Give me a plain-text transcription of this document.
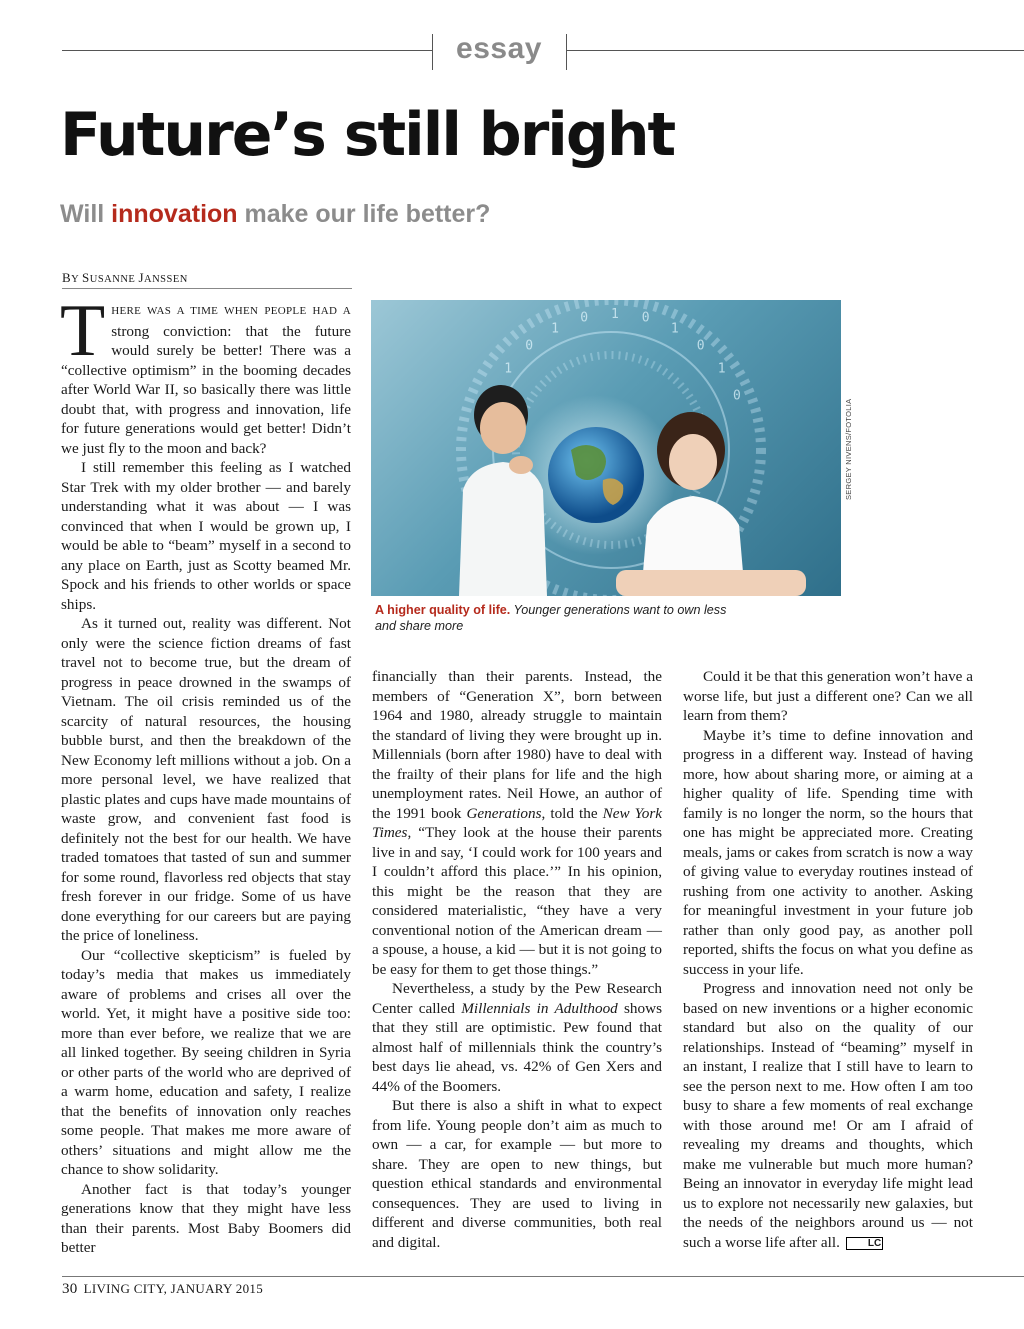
essay
Future’s still bright
Will innovation make our life better?
BY SUSANNE JANSSEN

THERE WAS A TIME WHEN PEOPLE HAD A strong conviction: that the future would surely be better! There was a “collective optimism” in the booming decades after World War II, so basically there was little doubt that, with progress and innovation, life for future generations would get better! Didn’t we just fly to the moon and back?

I still remember this feeling as I watched Star Trek with my older brother — and barely understanding what it was about — I was convinced that when I would be grown up, I would be able to “beam” myself in a second to any place on Earth, just as Scotty beamed Mr. Spock and his friends to other worlds or space ships.

As it turned out, reality was different. Not only were the science fiction dreams of fast travel not to become true, but the dream of progress in peace drowned in the swamps of Vietnam. The oil crisis reminded us of the scarcity of natural resources, the housing bubble burst, and then the breakdown of the New Economy left millions without a job. On a more personal level, we have realized that plastic plates and cups have made mountains of waste grow, and convenient fast food is definitely not the best for our health. We have traded tomatoes that tasted of sun and summer for some round, flavorless red objects that stay fresh forever in our fridge. Some of us have done everything for our careers but are paying the price of loneliness.

Our “collective skepticism” is fueled by today’s media that makes us immediately aware of problems and crises all over the world. Yet, it might have a positive side too: more than ever before, we realize that we are all linked together. By seeing children in Syria or other parts of the world who are deprived of a warm home, education and safety, I realize that the benefits of innovation only reaches some people. That makes me more aware of others’ situations and might allow me the chance to show solidarity.

Another fact is that today’s younger generations know that they might have less than their parents. Most Baby Boomers did better

0
1
0
1
0
1
0
1
0
1
SERGEY NIVENS/FOTOLIA
A higher quality of life. Younger generations want to own less and share more

financially than their parents. Instead, the members of “Generation X”, born between 1964 and 1980, already struggle to maintain the standard of living they were brought up in. Millennials (born after 1980) have to deal with the frailty of their plans for life and the high unemployment rates. Neil Howe, an author of the 1991 book Generations, told the New York Times, “They look at the house their parents live in and say, ‘I could work for 100 years and I couldn’t afford this place.’” In his opinion, this might be the reason that they are considered materialistic, “they have a very conventional notion of the American dream — a spouse, a house, a kid — but it is not going to be easy for them to get those things.”

Nevertheless, a study by the Pew Research Center called Millennials in Adulthood shows that they still are optimistic. Pew found that almost half of millennials think the country’s best days lie ahead, vs. 42% of Gen Xers and 44% of the Boomers.

But there is also a shift in what to expect from life. Young people don’t aim as much to own — a car, for example — but more to share. They are open to new things, but question ethical standards and environmental consequences. They are used to living in different and diverse communities, both real and digital.

Could it be that this generation won’t have a worse life, but just a different one? Can we all learn from them?

Maybe it’s time to define innovation and progress in a different way. Instead of having more, how about sharing more, or aiming at a higher quality of life. Spending time with family is no longer the norm, so the hours that one has might be appreciated more. Creating meals, jams or cakes from scratch is now a way of giving value to everyday routines instead of rushing from one activity to another. Asking for meaningful investment in your future job rather than only good pay, as another poll reported, shifts the focus on what you define as success in your life.

Progress and innovation need not only be based on new inventions or a higher economic standard but also on the quality of our relationships. Instead of “beaming” myself in an instant, I realize that I still have to learn to see the person next to me. How often I am too busy to share a few moments of real exchange with those around me! Or am I afraid of revealing my dreams and thoughts, which make me vulnerable but much more human? Being an innovator in everyday life might lead us to explore not necessarily new galaxies, but the needs of the neighbors around us — not such a worse life after all.	LC

30 LIVING CITY, JANUARY 2015
